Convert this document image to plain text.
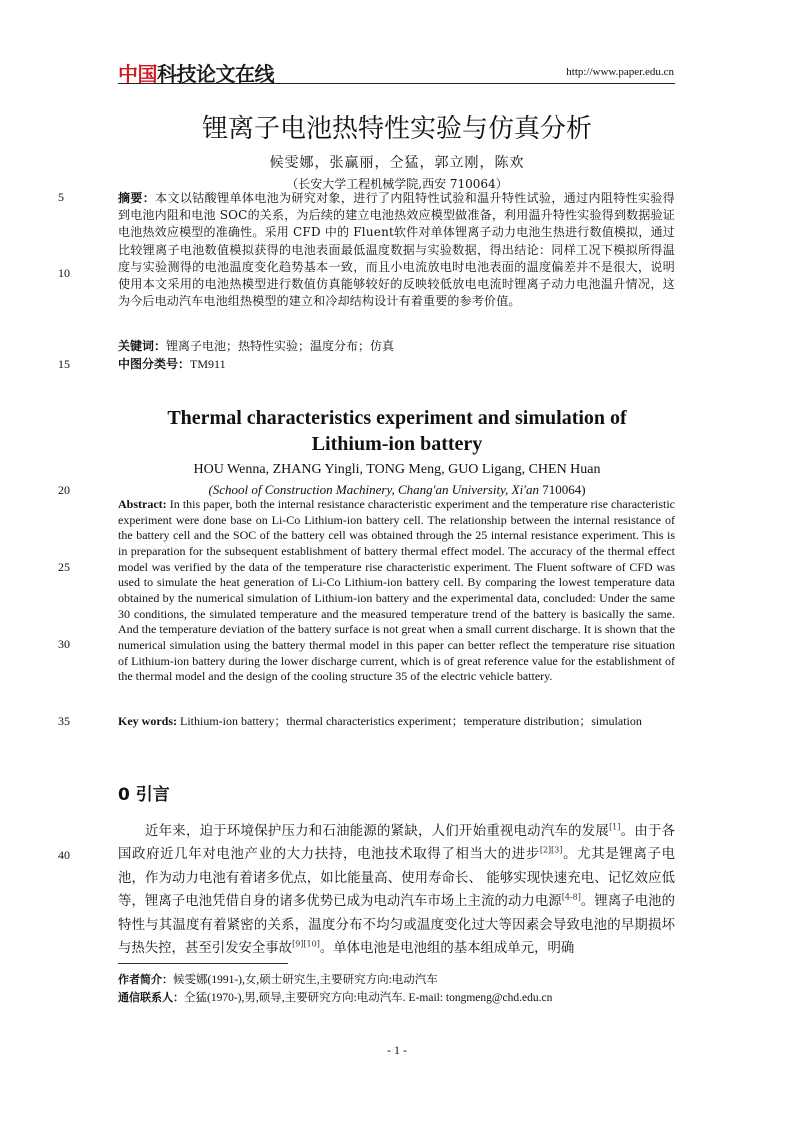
中国科技论文在线	http://www.paper.edu.cn
锂离子电池热特性实验与仿真分析
候雯娜，张赢丽，仝猛，郭立刚，陈欢
（长安大学工程机械学院,西安 710064）
5
10
15
20
25
30
35
40
摘要：本文以钴酸锂单体电池为研究对象，进行了内阻特性试验和温升特性试验，通过内阻特性实验得到电池内阻和电池 SOC的关系，为后续的建立电池热效应模型做准备，利用温升特性实验得到数据验证电池热效应模型的准确性。采用 CFD 中的 Fluent软件对单体锂离子动力电池生热进行数值模拟，通过比较锂离子电池数值模拟获得的电池表面最低温度数据与实验数据，得出结论：同样工况下模拟所得温度与实验测得的电池温度变化趋势基本一致，而且小电流放电时电池表面的温度偏差并不是很大，说明使用本文采用的电池热模型进行数值仿真能够较好的反映较低放电电流时锂离子动力电池温升情况，这为今后电动汽车电池组热模型的建立和冷却结构设计有着重要的参考价值。
关键词：锂离子电池；热特性实验；温度分布；仿真
中图分类号：TM911
Thermal characteristics experiment and simulation of
Lithium-ion battery
HOU Wenna, ZHANG Yingli, TONG Meng, GUO Ligang, CHEN Huan
(School of Construction Machinery, Chang'an University, Xi'an 710064)
Abstract: In this paper, both the internal resistance characteristic experiment and the temperature rise characteristic experiment were done base on Li-Co Lithium-ion battery cell. The relationship between the internal resistance of the battery cell and the SOC of the battery cell was obtained through the 25 internal resistance experiment. This is in preparation for the subsequent establishment of battery thermal effect model. The accuracy of the thermal effect model was verified by the data of the temperature rise characteristic experiment. The Fluent software of CFD was used to simulate the heat generation of Li-Co Lithium-ion battery cell. By comparing the lowest temperature data obtained by the numerical simulation of Lithium-ion battery and the experimental data, concluded: Under the same 30 conditions, the simulated temperature and the measured temperature trend of the battery is basically the same. And the temperature deviation of the battery surface is not great when a small current discharge. It is shown that the numerical simulation using the battery thermal model in this paper can better reflect the temperature rise situation of Lithium-ion battery during the lower discharge current, which is of great reference value for the establishment of the thermal model and the design of the cooling structure 35 of the electric vehicle battery.
Key words: Lithium-ion battery；thermal characteristics experiment；temperature distribution；simulation
0 引言
近年来，迫于环境保护压力和石油能源的紧缺，人们开始重视电动汽车的发展[1]。由于各国政府近几年对电池产业的大力扶持，电池技术取得了相当大的进步[2][3]。尤其是锂离子电池，作为动力电池有着诸多优点，如比能量高、使用寿命长、 能够实现快速充电、记忆效应低等，锂离子电池凭借自身的诸多优势已成为电动汽车市场上主流的动力电源[4-8]。锂离子电池的特性与其温度有着紧密的关系，温度分布不均匀或温度变化过大等因素会导致电池的早期损坏与热失控，甚至引发安全事故[9][10]。单体电池是电池组的基本组成单元，明确
作者简介：候雯娜(1991-),女,硕士研究生,主要研究方向:电动汽车
通信联系人：仝猛(1970-),男,硕导,主要研究方向:电动汽车. E-mail: tongmeng@chd.edu.cn
- 1 -
